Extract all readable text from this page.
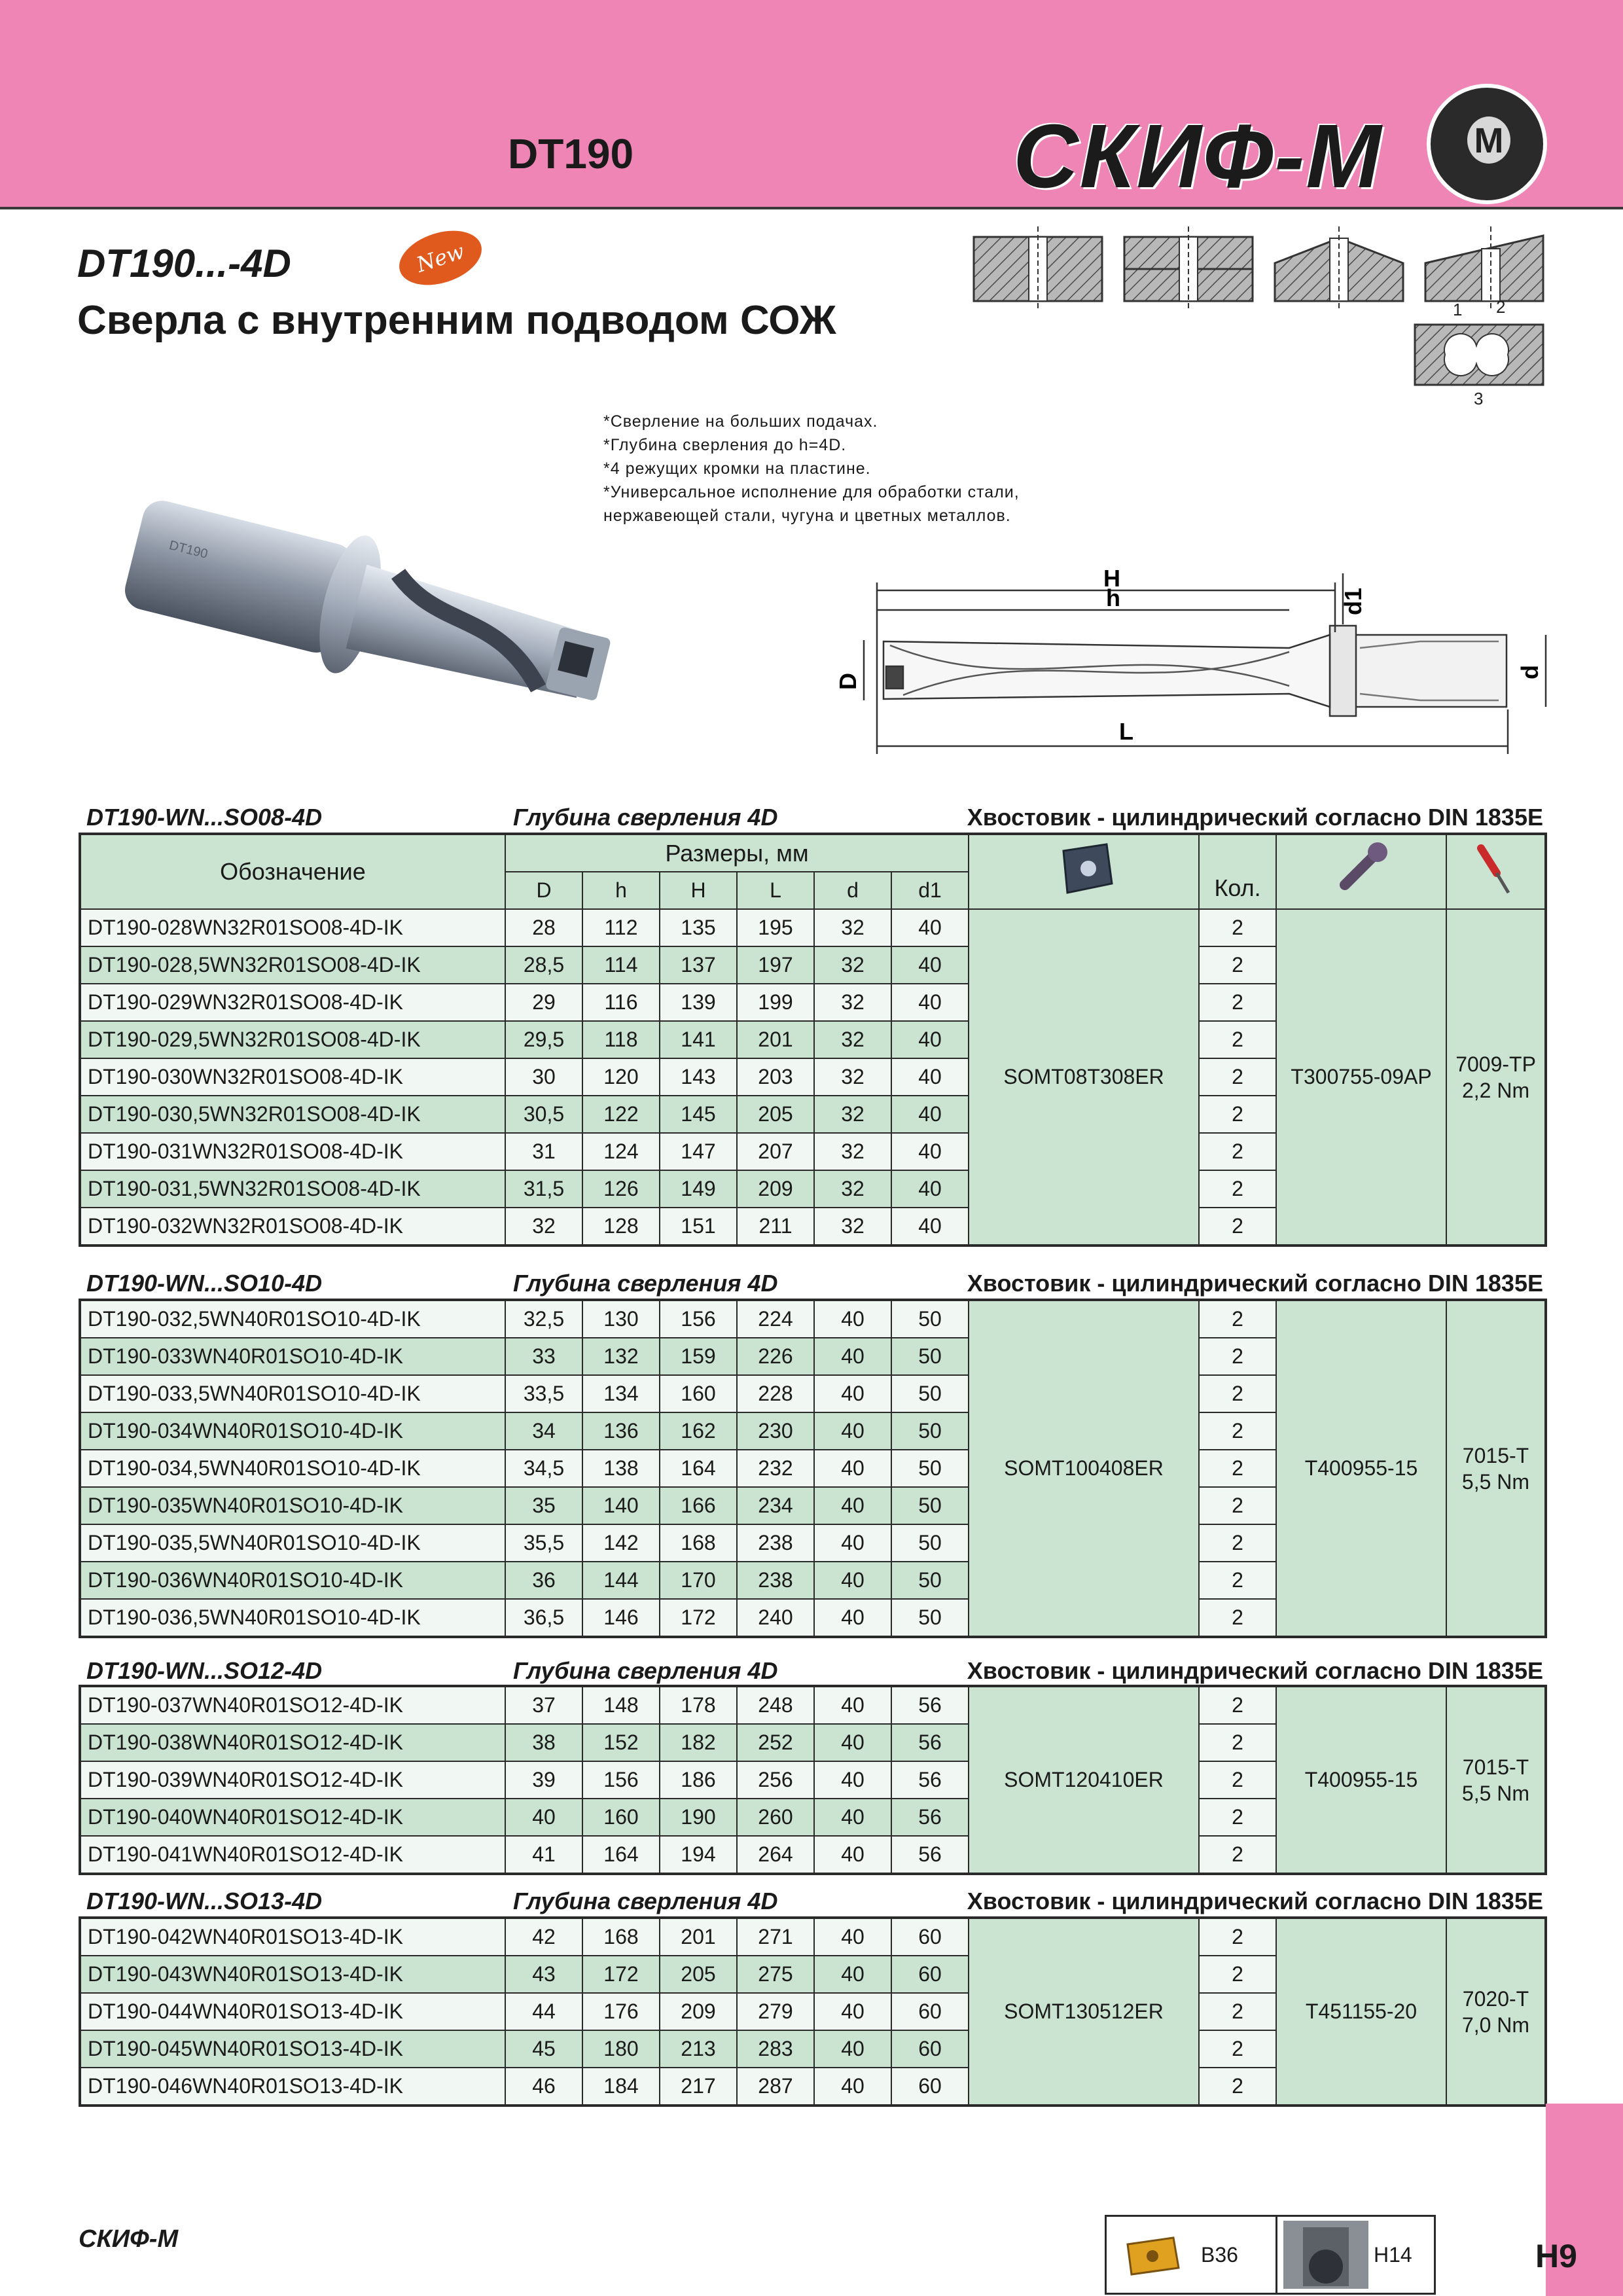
DT190	СКИФ-М	M
DT190...-4D	New
Сверла с внутренним подводом СОЖ	1 2
3
*Сверление на больших подачах.
*Глубина сверления до h=4D.
*4 режущих кромки на пластине.
*Универсальное исполнение для обработки стали,
нержавеющей стали, чугуна и цветных металлов.
DT190
H
h
D
d1
d
L
DT190-WN...SO08-4D	Глубина сверления 4D	Хвостовик - цилиндрический согласно DIN 1835E
Обозначение	Размеры, мм							Кол.		
	D	h	H	L	d	d1				
DT190-028WN32R01SO08-4D-IK	28	112	135	195	32	40	SOMT08T308ER	2	T300755-09AP	7009-TP
2,2 Nm

DT190-028,5WN32R01SO08-4D-IK	28,5	114	137	197	32	40		2		
DT190-029WN32R01SO08-4D-IK	29	116	139	199	32	40		2		
DT190-029,5WN32R01SO08-4D-IK	29,5	118	141	201	32	40		2		
DT190-030WN32R01SO08-4D-IK	30	120	143	203	32	40		2		
DT190-030,5WN32R01SO08-4D-IK	30,5	122	145	205	32	40		2		
DT190-031WN32R01SO08-4D-IK	31	124	147	207	32	40		2		
DT190-031,5WN32R01SO08-4D-IK	31,5	126	149	209	32	40		2		
DT190-032WN32R01SO08-4D-IK	32	128	151	211	32	40		2		
DT190-WN...SO10-4D	Глубина сверления 4D	Хвостовик - цилиндрический согласно DIN 1835E
DT190-032,5WN40R01SO10-4D-IK	32,5	130	156	224	40	50	SOMT100408ER	2	T400955-15	7015-T
5,5 Nm

DT190-033WN40R01SO10-4D-IK	33	132	159	226	40	50		2		
DT190-033,5WN40R01SO10-4D-IK	33,5	134	160	228	40	50		2		
DT190-034WN40R01SO10-4D-IK	34	136	162	230	40	50		2		
DT190-034,5WN40R01SO10-4D-IK	34,5	138	164	232	40	50		2		
DT190-035WN40R01SO10-4D-IK	35	140	166	234	40	50		2		
DT190-035,5WN40R01SO10-4D-IK	35,5	142	168	238	40	50		2		
DT190-036WN40R01SO10-4D-IK	36	144	170	238	40	50		2		
DT190-036,5WN40R01SO10-4D-IK	36,5	146	172	240	40	50		2		
DT190-WN...SO12-4D	Глубина сверления 4D	Хвостовик - цилиндрический согласно DIN 1835E
DT190-037WN40R01SO12-4D-IK	37	148	178	248	40	56	SOMT120410ER	2	T400955-15	7015-T
5,5 Nm

DT190-038WN40R01SO12-4D-IK	38	152	182	252	40	56		2		
DT190-039WN40R01SO12-4D-IK	39	156	186	256	40	56		2		
DT190-040WN40R01SO12-4D-IK	40	160	190	260	40	56		2		
DT190-041WN40R01SO12-4D-IK	41	164	194	264	40	56		2		
DT190-WN...SO13-4D	Глубина сверления 4D	Хвостовик - цилиндрический согласно DIN 1835E
DT190-042WN40R01SO13-4D-IK	42	168	201	271	40	60	SOMT130512ER	2	T451155-20	7020-T
7,0 Nm

DT190-043WN40R01SO13-4D-IK	43	172	205	275	40	60		2		
DT190-044WN40R01SO13-4D-IK	44	176	209	279	40	60		2		
DT190-045WN40R01SO13-4D-IK	45	180	213	283	40	60		2		
DT190-046WN40R01SO13-4D-IK	46	184	217	287	40	60		2		
СКИФ-М
B36	H14	H9
